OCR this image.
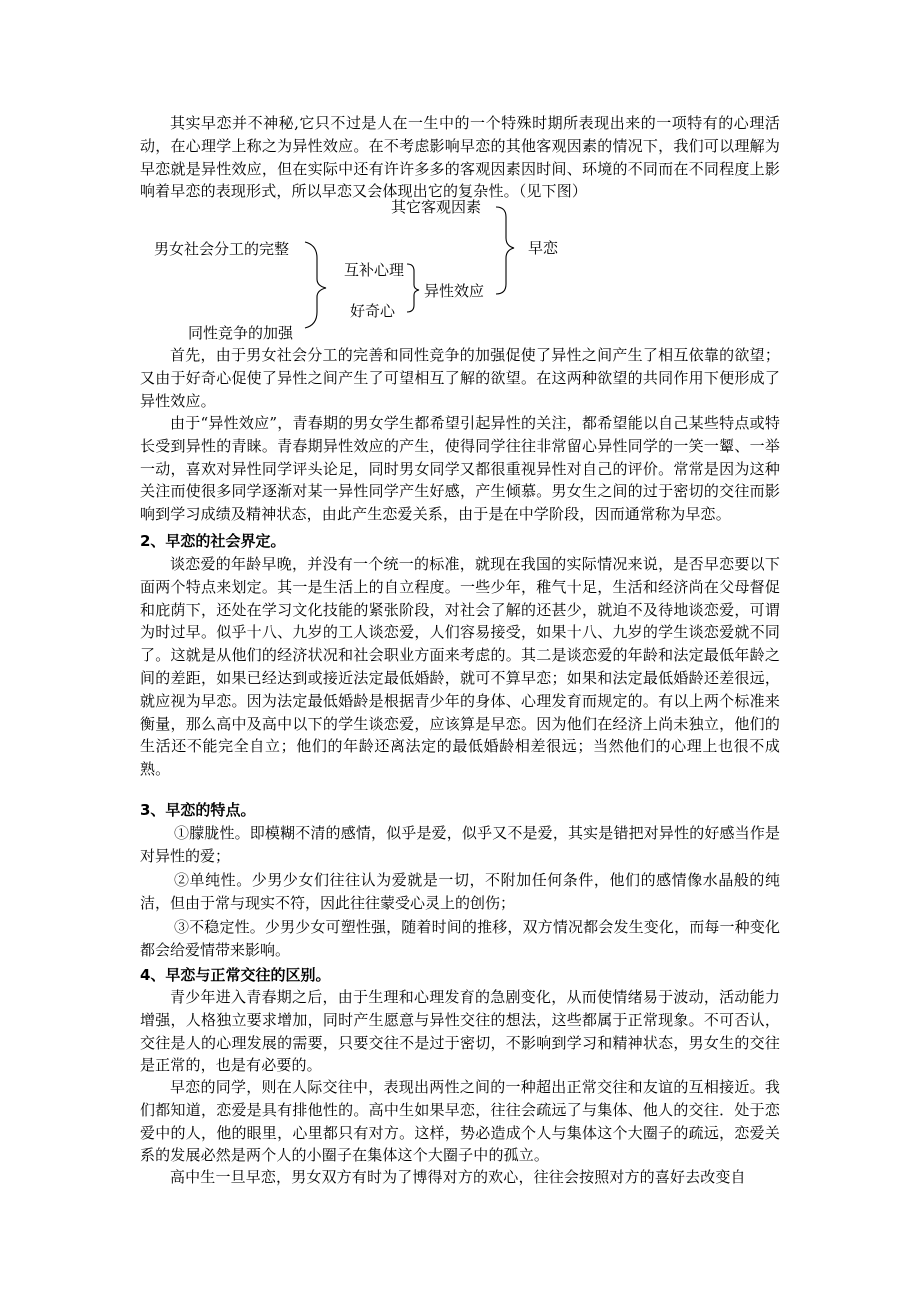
其实早恋并不神秘,它只不过是人在一生中的一个特殊时期所表现出来的一项特有的心理活动，在心理学上称之为异性效应。在不考虑影响早恋的其他客观因素的情况下，我们可以理解为早恋就是异性效应，但在实际中还有许许多多的客观因素因时间、环境的不同而在不同程度上影响着早恋的表现形式，所以早恋又会体现出它的复杂性。（见下图）

其它客观因素
早恋
男女社会分工的完整
互补心理
异性效应
好奇心
同性竞争的加强

首先，由于男女社会分工的完善和同性竞争的加强促使了异性之间产生了相互依靠的欲望；又由于好奇心促使了异性之间产生了可望相互了解的欲望。在这两种欲望的共同作用下便形成了异性效应。

由于“异性效应”，青春期的男女学生都希望引起异性的关注，都希望能以自己某些特点或特长受到异性的青睐。青春期异性效应的产生，使得同学往往非常留心异性同学的一笑一颦、一举一动，喜欢对异性同学评头论足，同时男女同学又都很重视异性对自己的评价。常常是因为这种关注而使很多同学逐渐对某一异性同学产生好感，产生倾慕。男女生之间的过于密切的交往而影响到学习成绩及精神状态，由此产生恋爱关系，由于是在中学阶段，因而通常称为早恋。

2、早恋的社会界定。

谈恋爱的年龄早晚，并没有一个统一的标准，就现在我国的实际情况来说，是否早恋要以下面两个特点来划定。其一是生活上的自立程度。一些少年，稚气十足，生活和经济尚在父母督促和庇荫下，还处在学习文化技能的紧张阶段，对社会了解的还甚少，就迫不及待地谈恋爱，可谓为时过早。似乎十八、九岁的工人谈恋爱，人们容易接受，如果十八、九岁的学生谈恋爱就不同了。这就是从他们的经济状况和社会职业方面来考虑的。其二是谈恋爱的年龄和法定最低年龄之间的差距，如果已经达到或接近法定最低婚龄，就可不算早恋；如果和法定最低婚龄还差很远，就应视为早恋。因为法定最低婚龄是根据青少年的身体、心理发育而规定的。有以上两个标准来衡量，那么高中及高中以下的学生谈恋爱，应该算是早恋。因为他们在经济上尚未独立，他们的生活还不能完全自立；他们的年龄还离法定的最低婚龄相差很远；当然他们的心理上也很不成熟。

3、早恋的特点。

①朦胧性。即模糊不清的感情，似乎是爱，似乎又不是爱，其实是错把对异性的好感当作是对异性的爱；

②单纯性。少男少女们往往认为爱就是一切，不附加任何条件，他们的感情像水晶般的纯洁，但由于常与现实不符，因此往往蒙受心灵上的创伤；

③不稳定性。少男少女可塑性强，随着时间的推移，双方情况都会发生变化，而每一种变化都会给爱情带来影响。

4、早恋与正常交往的区别。

青少年进入青春期之后，由于生理和心理发育的急剧变化，从而使情绪易于波动，活动能力增强，人格独立要求增加，同时产生愿意与异性交往的想法，这些都属于正常现象。不可否认，交往是人的心理发展的需要，只要交往不是过于密切，不影响到学习和精神状态，男女生的交往是正常的，也是有必要的。

早恋的同学，则在人际交往中，表现出两性之间的一种超出正常交往和友谊的互相接近。我们都知道，恋爱是具有排他性的。高中生如果早恋，往往会疏远了与集体、他人的交往．处于恋爱中的人，他的眼里，心里都只有对方。这样，势必造成个人与集体这个大圈子的疏远，恋爱关系的发展必然是两个人的小圈子在集体这个大圈子中的孤立。

高中生一旦早恋，男女双方有时为了博得对方的欢心，往往会按照对方的喜好去改变自
